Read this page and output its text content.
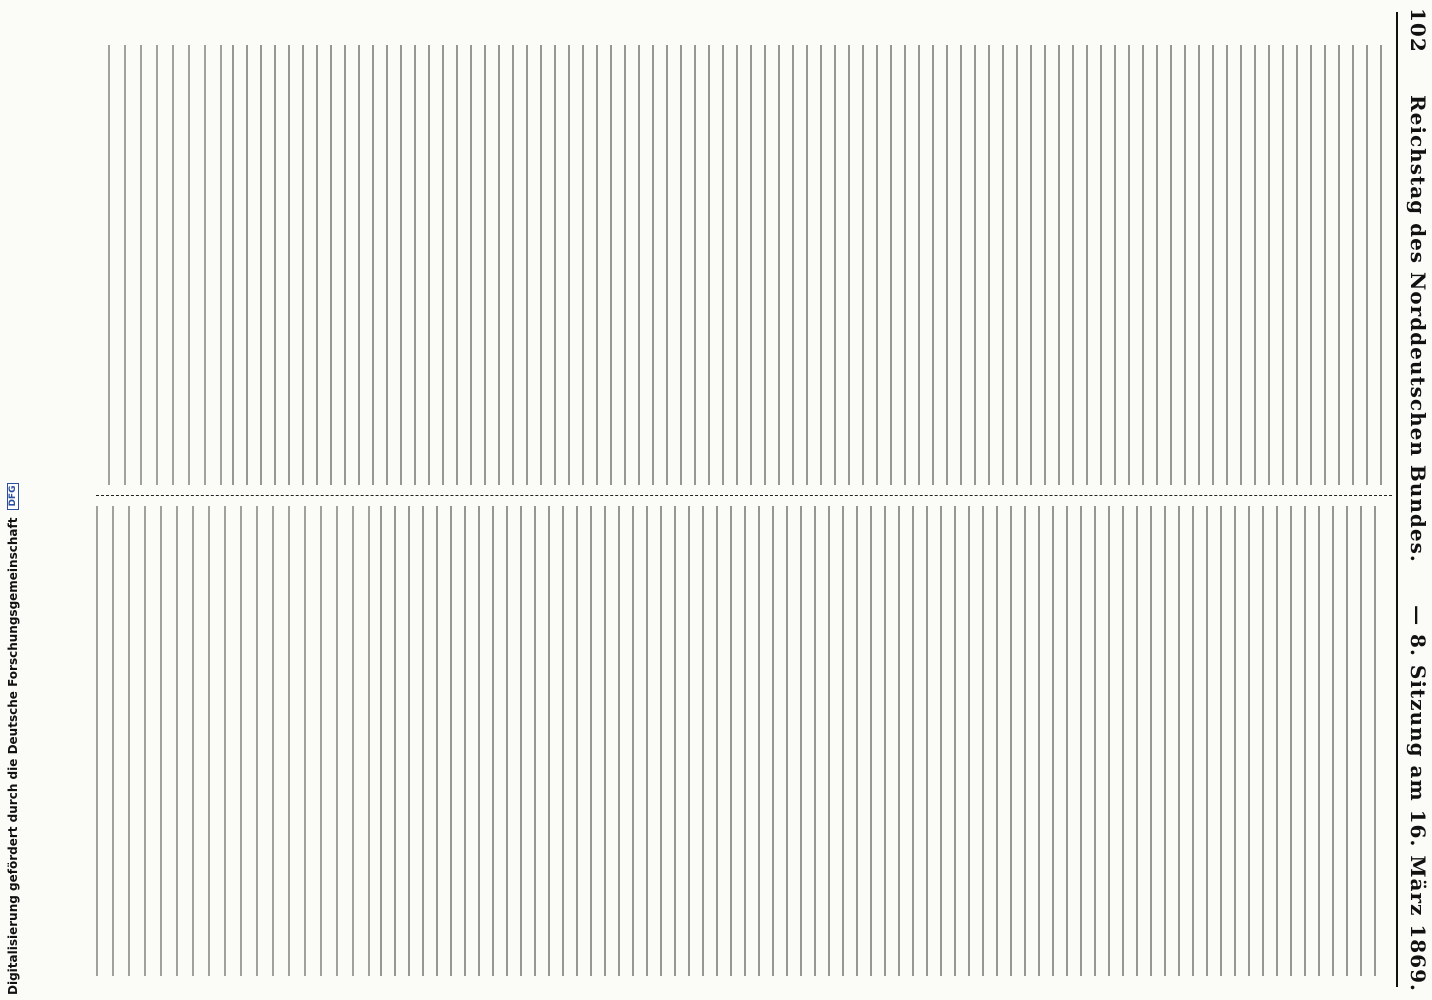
102
Reichstag des Norddeutschen Bundes.
— 8. Sitzung am 16. März 1869.
Digitalisierung gefördert durch die Deutsche Forschungsgemeinschaft
DFG
